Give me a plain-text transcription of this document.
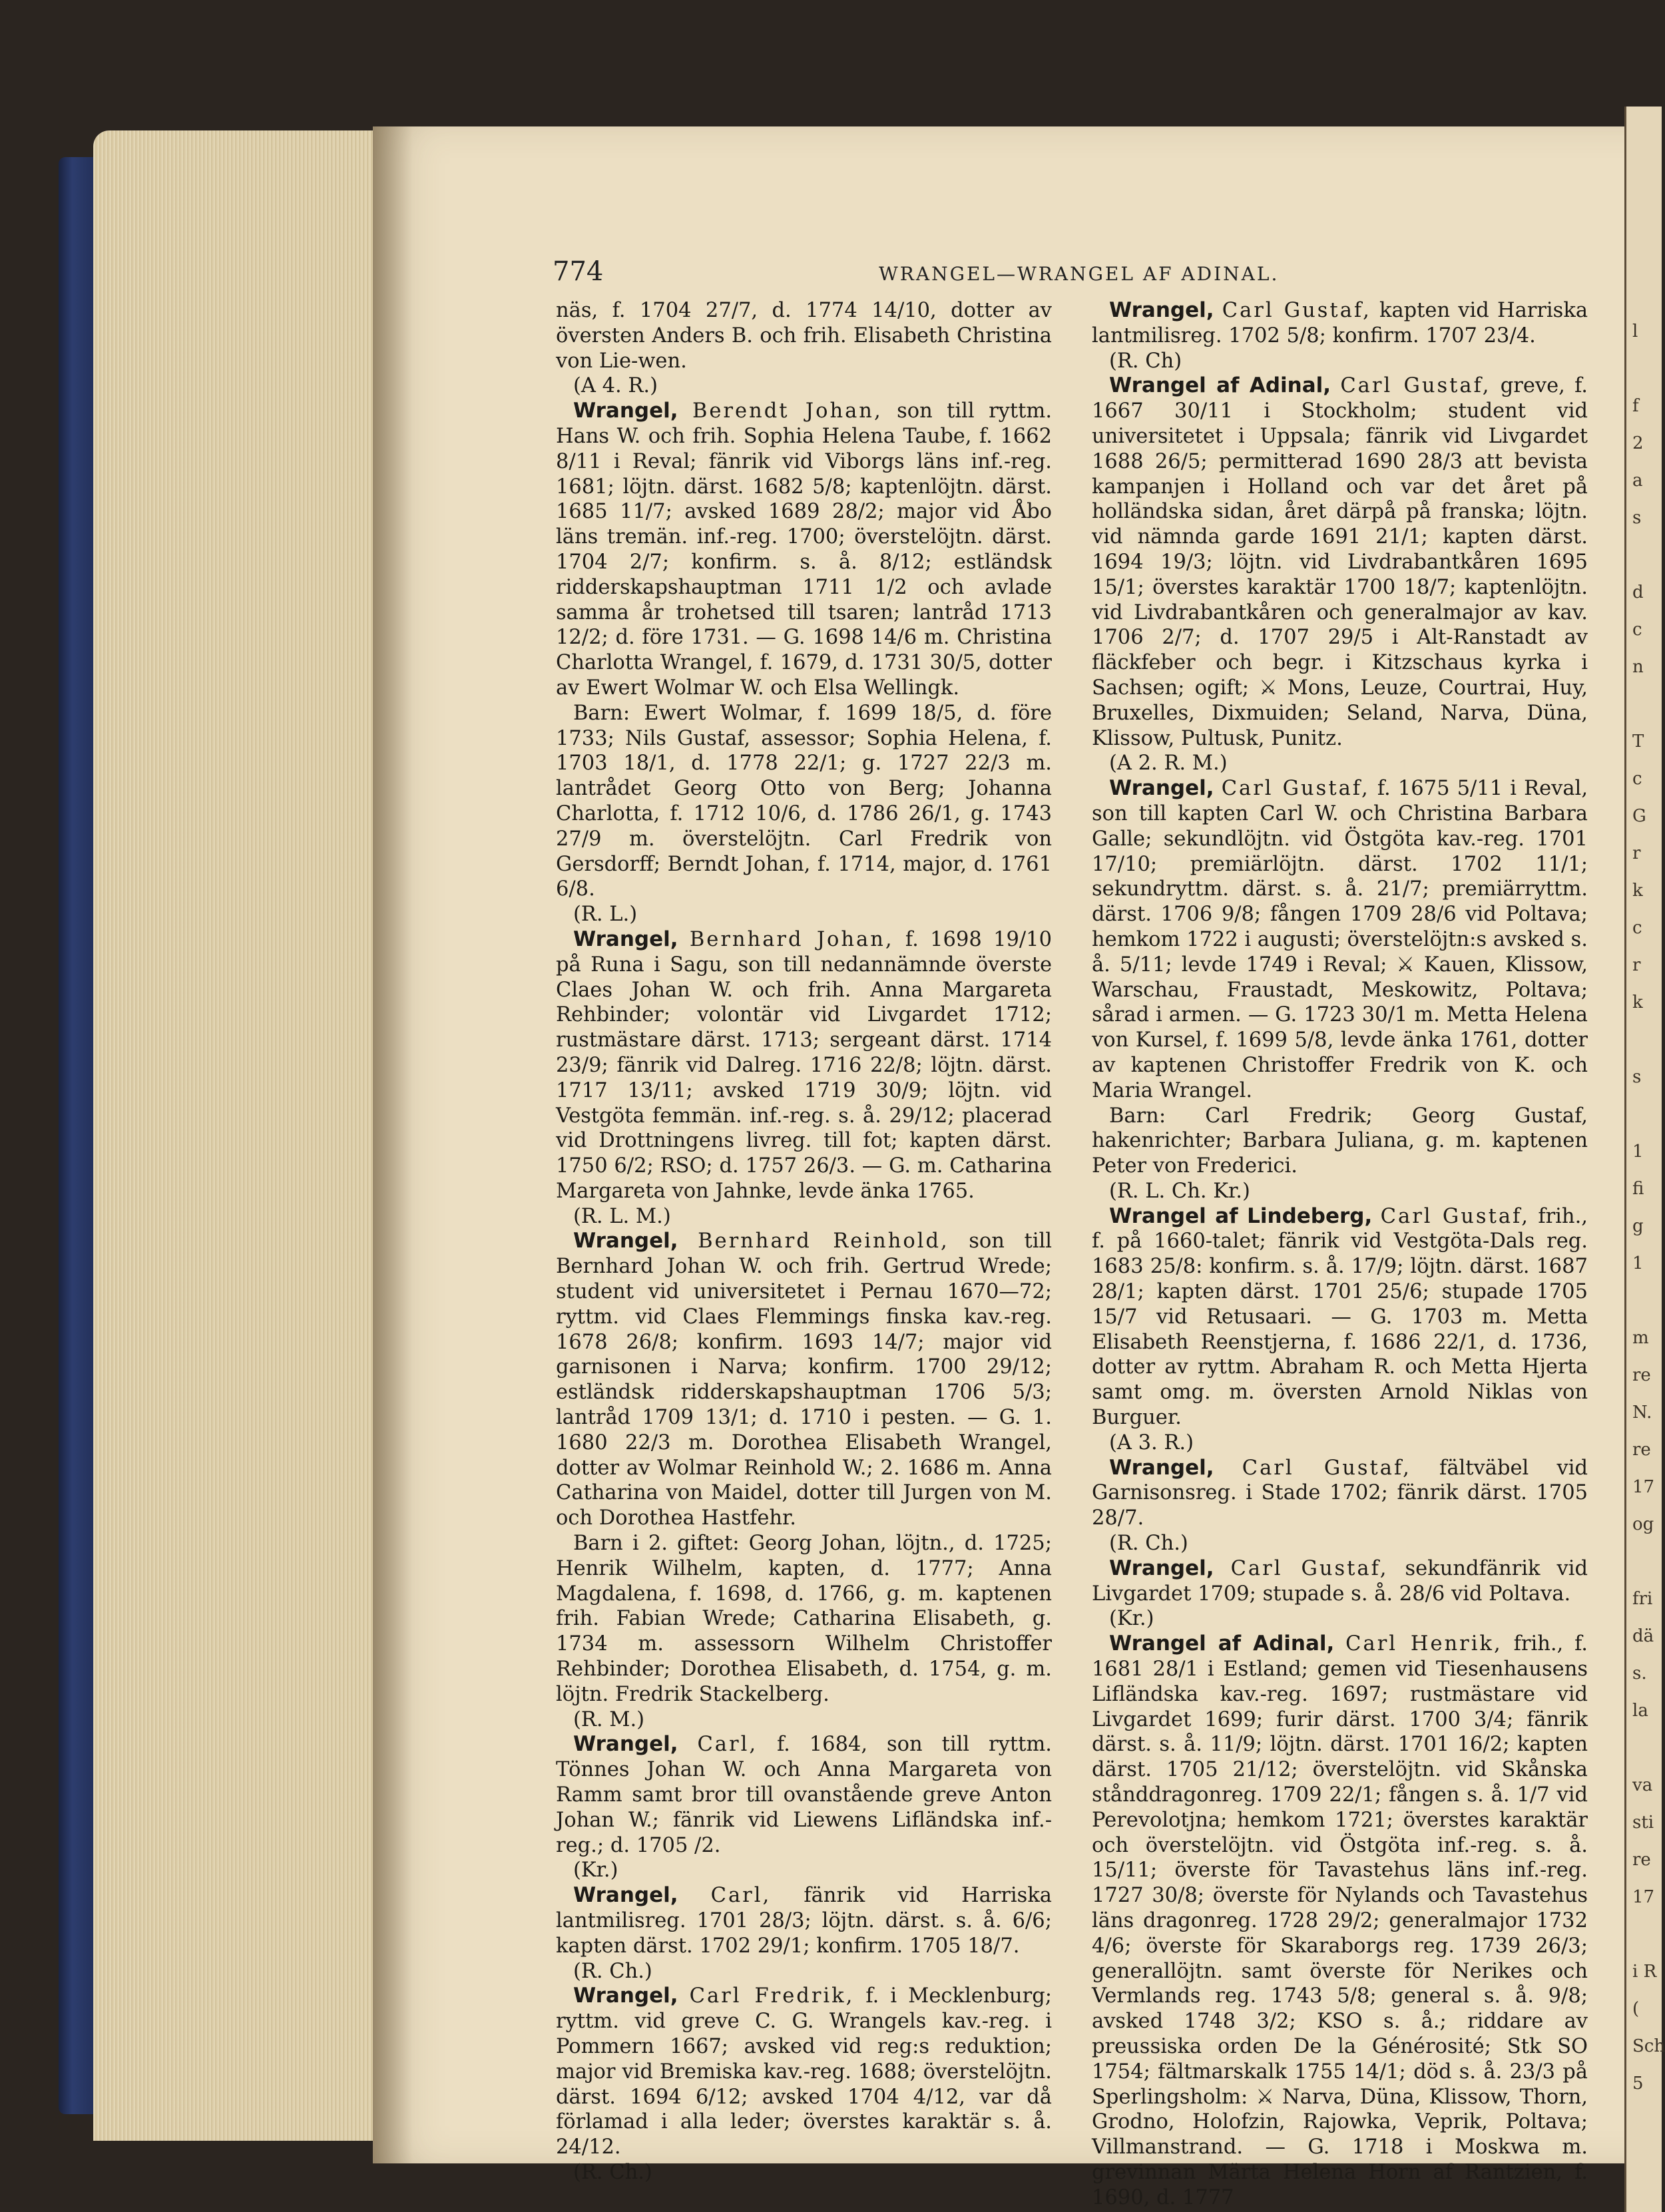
774	WRANGEL—WRANGEL AF ADINAL.

näs, f. 1704 27/7, d. 1774 14/10, dotter av översten Anders B. och frih. Elisabeth Christina von Lie-wen.

(A 4. R.)

Wrangel, Berendt Johan, son till ryttm. Hans W. och frih. Sophia Helena Taube, f. 1662 8/11 i Reval; fänrik vid Viborgs läns inf.-reg. 1681; löjtn. därst. 1682 5/8; kaptenlöjtn. därst. 1685 11/7; avsked 1689 28/2; major vid Åbo läns tremän. inf.-reg. 1700; överstelöjtn. därst. 1704 2/7; konfirm. s. å. 8/12; estländsk ridderskapshauptman 1711 1/2 och avlade samma år trohetsed till tsaren; lantråd 1713 12/2; d. före 1731. — G. 1698 14/6 m. Christina Charlotta Wrangel, f. 1679, d. 1731 30/5, dotter av Ewert Wolmar W. och Elsa Wellingk.

Barn: Ewert Wolmar, f. 1699 18/5, d. före 1733; Nils Gustaf, assessor; Sophia Helena, f. 1703 18/1, d. 1778 22/1; g. 1727 22/3 m. lantrådet Georg Otto von Berg; Johanna Charlotta, f. 1712 10/6, d. 1786 26/1, g. 1743 27/9 m. överstelöjtn. Carl Fredrik von Gersdorff; Berndt Johan, f. 1714, major, d. 1761 6/8.

(R. L.)

Wrangel, Bernhard Johan, f. 1698 19/10 på Runa i Sagu, son till nedannämnde överste Claes Johan W. och frih. Anna Margareta Rehbinder; volontär vid Livgardet 1712; rustmästare därst. 1713; sergeant därst. 1714 23/9; fänrik vid Dalreg. 1716 22/8; löjtn. därst. 1717 13/11; avsked 1719 30/9; löjtn. vid Vestgöta femmän. inf.-reg. s. å. 29/12; placerad vid Drottningens livreg. till fot; kapten därst. 1750 6/2; RSO; d. 1757 26/3. — G. m. Catharina Margareta von Jahnke, levde änka 1765.

(R. L. M.)

Wrangel, Bernhard Reinhold, son till Bernhard Johan W. och frih. Gertrud Wrede; student vid universitetet i Pernau 1670—72; ryttm. vid Claes Flemmings finska kav.-reg. 1678 26/8; konfirm. 1693 14/7; major vid garnisonen i Narva; konfirm. 1700 29/12; estländsk ridderskapshauptman 1706 5/3; lantråd 1709 13/1; d. 1710 i pesten. — G. 1. 1680 22/3 m. Dorothea Elisabeth Wrangel, dotter av Wolmar Reinhold W.; 2. 1686 m. Anna Catharina von Maidel, dotter till Jurgen von M. och Dorothea Hastfehr.

Barn i 2. giftet: Georg Johan, löjtn., d. 1725; Henrik Wilhelm, kapten, d. 1777; Anna Magdalena, f. 1698, d. 1766, g. m. kaptenen frih. Fabian Wrede; Catharina Elisabeth, g. 1734 m. assessorn Wilhelm Christoffer Rehbinder; Dorothea Elisabeth, d. 1754, g. m. löjtn. Fredrik Stackelberg.

(R. M.)

Wrangel, Carl, f. 1684, son till ryttm. Tönnes Johan W. och Anna Margareta von Ramm samt bror till ovanstående greve Anton Johan W.; fänrik vid Liewens Lifländska inf.-reg.; d. 1705 /2.

(Kr.)

Wrangel, Carl, fänrik vid Harriska lantmilisreg. 1701 28/3; löjtn. därst. s. å. 6/6; kapten därst. 1702 29/1; konfirm. 1705 18/7.

(R. Ch.)

Wrangel, Carl Fredrik, f. i Mecklenburg; ryttm. vid greve C. G. Wrangels kav.-reg. i Pommern 1667; avsked vid reg:s reduktion; major vid Bremiska kav.-reg. 1688; överstelöjtn. därst. 1694 6/12; avsked 1704 4/12, var då förlamad i alla leder; överstes karaktär s. å. 24/12.

(R. Ch.)

Wrangel, Carl Gustaf, kapten vid Harriska lantmilisreg. 1702 5/8; konfirm. 1707 23/4.

(R. Ch)

Wrangel af Adinal, Carl Gustaf, greve, f. 1667 30/11 i Stockholm; student vid universitetet i Uppsala; fänrik vid Livgardet 1688 26/5; permitterad 1690 28/3 att bevista kampanjen i Holland och var det året på holländska sidan, året därpå på franska; löjtn. vid nämnda garde 1691 21/1; kapten därst. 1694 19/3; löjtn. vid Livdrabantkåren 1695 15/1; överstes karaktär 1700 18/7; kaptenlöjtn. vid Livdrabantkåren och generalmajor av kav. 1706 2/7; d. 1707 29/5 i Alt-Ranstadt av fläckfeber och begr. i Kitzschaus kyrka i Sachsen; ogift; ⚔ Mons, Leuze, Courtrai, Huy, Bruxelles, Dixmuiden; Seland, Narva, Düna, Klissow, Pultusk, Punitz.

(A 2. R. M.)

Wrangel, Carl Gustaf, f. 1675 5/11 i Reval, son till kapten Carl W. och Christina Barbara Galle; sekundlöjtn. vid Östgöta kav.-reg. 1701 17/10; premiärlöjtn. därst. 1702 11/1; sekundryttm. därst. s. å. 21/7; premiärryttm. därst. 1706 9/8; fången 1709 28/6 vid Poltava; hemkom 1722 i augusti; överstelöjtn:s avsked s. å. 5/11; levde 1749 i Reval; ⚔ Kauen, Klissow, Warschau, Fraustadt, Meskowitz, Poltava; sårad i armen. — G. 1723 30/1 m. Metta Helena von Kursel, f. 1699 5/8, levde änka 1761, dotter av kaptenen Christoffer Fredrik von K. och Maria Wrangel.

Barn: Carl Fredrik; Georg Gustaf, hakenrichter; Barbara Juliana, g. m. kaptenen Peter von Frederici.

(R. L. Ch. Kr.)

Wrangel af Lindeberg, Carl Gustaf, frih., f. på 1660-talet; fänrik vid Vestgöta-Dals reg. 1683 25/8: konfirm. s. å. 17/9; löjtn. därst. 1687 28/1; kapten därst. 1701 25/6; stupade 1705 15/7 vid Retusaari. — G. 1703 m. Metta Elisabeth Reenstjerna, f. 1686 22/1, d. 1736, dotter av ryttm. Abraham R. och Metta Hjerta samt omg. m. översten Arnold Niklas von Burguer.

(A 3. R.)

Wrangel, Carl Gustaf, fältväbel vid Garnisonsreg. i Stade 1702; fänrik därst. 1705 28/7.

(R. Ch.)

Wrangel, Carl Gustaf, sekundfänrik vid Livgardet 1709; stupade s. å. 28/6 vid Poltava.

(Kr.)

Wrangel af Adinal, Carl Henrik, frih., f. 1681 28/1 i Estland; gemen vid Tiesenhausens Lifländska kav.-reg. 1697; rustmästare vid Livgardet 1699; furir därst. 1700 3/4; fänrik därst. s. å. 11/9; löjtn. därst. 1701 16/2; kapten därst. 1705 21/12; överstelöjtn. vid Skånska stånddragonreg. 1709 22/1; fången s. å. 1/7 vid Perevolotjna; hemkom 1721; överstes karaktär och överstelöjtn. vid Östgöta inf.-reg. s. å. 15/11; överste för Tavastehus läns inf.-reg. 1727 30/8; överste för Nylands och Tavastehus läns dragonreg. 1728 29/2; generalmajor 1732 4/6; överste för Skaraborgs reg. 1739 26/3; generallöjtn. samt överste för Nerikes och Vermlands reg. 1743 5/8; general s. å. 9/8; avsked 1748 3/2; KSO s. å.; riddare av preussiska orden De la Générosité; Stk SO 1754; fältmarskalk 1755 14/1; död s. å. 23/3 på Sperlingsholm: ⚔ Narva, Düna, Klissow, Thorn, Grodno, Holofzin, Rajowka, Veprik, Poltava; Villmanstrand. — G. 1718 i Moskwa m. grevinnan Märta Helena Horn af Rantzien, f. 1690, d. 1777

l

f
2
a
s

d
c
n

T
c
G
r
k
c
r
k

s

1
fi
g
1

m
re
N.
re
17
og

fri
dä
s.
la

va
sti
re
17

i R
(
Sch
5
